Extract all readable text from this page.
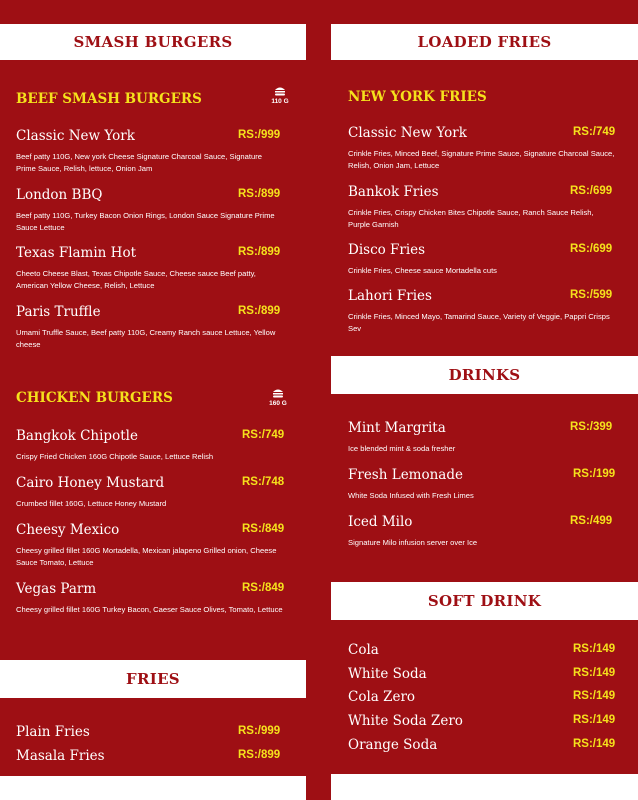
SMASH BURGERS	LOADED FRIES
FRIES
DRINKS
SOFT DRINK
BEEF SMASH BURGERS	110 G
Classic New York	RS:/999
Beef patty 110G, New york Cheese Signature Charcoal Sauce, Signature Prime Sauce, Relish, lettuce, Onion Jam
London BBQ	RS:/899
Beef patty 110G, Turkey Bacon Onion Rings, London Sauce Signature Prime Sauce Lettuce
Texas Flamin Hot	RS:/899
Cheeto Cheese Blast, Texas Chipotle Sauce, Cheese sauce Beef patty, American Yellow Cheese, Relish, Lettuce
Paris Truffle	RS:/899
Umami Truffle Sauce, Beef patty 110G, Creamy Ranch sauce Lettuce, Yellow cheese
CHICKEN BURGERS	160 G
Bangkok Chipotle	RS:/749
Crispy Fried Chicken 160G Chipotle Sauce, Lettuce Relish
Cairo Honey Mustard	RS:/748
Crumbed fillet 160G, Lettuce Honey Mustard
Cheesy Mexico	RS:/849
Cheesy grilled fillet 160G Mortadella, Mexican jalapeno Grilled onion, Cheese Sauce Tomato, Lettuce
Vegas Parm	RS:/849
Cheesy grilled fillet 160G Turkey Bacon, Caeser Sauce Olives, Tomato, Lettuce
Plain Fries	RS:/999
Masala Fries	RS:/899
NEW YORK FRIES
Classic New York	RS:/749
Crinkle Fries, Minced Beef, Signature Prime Sauce, Signature Charcoal Sauce, Relish, Onion Jam, Lettuce
Bankok Fries	RS:/699
Crinkle Fries, Crispy Chicken Bites Chipotle Sauce, Ranch Sauce Relish, Purple Garnish
Disco Fries	RS:/699
Crinkle Fries, Cheese sauce Mortadella cuts
Lahori Fries	RS:/599
Crinkle Fries, Minced Mayo, Tamarind Sauce, Variety of Veggie, Pappri Crisps Sev
Mint Margrita	RS:/399
Ice blended mint & soda fresher
Fresh Lemonade	RS:/199
White Soda Infused with Fresh Limes
Iced Milo	RS:/499
Signature Milo infusion server over Ice
Cola	RS:/149
White Soda	RS:/149
Cola Zero	RS:/149
White Soda Zero	RS:/149
Orange Soda	RS:/149
